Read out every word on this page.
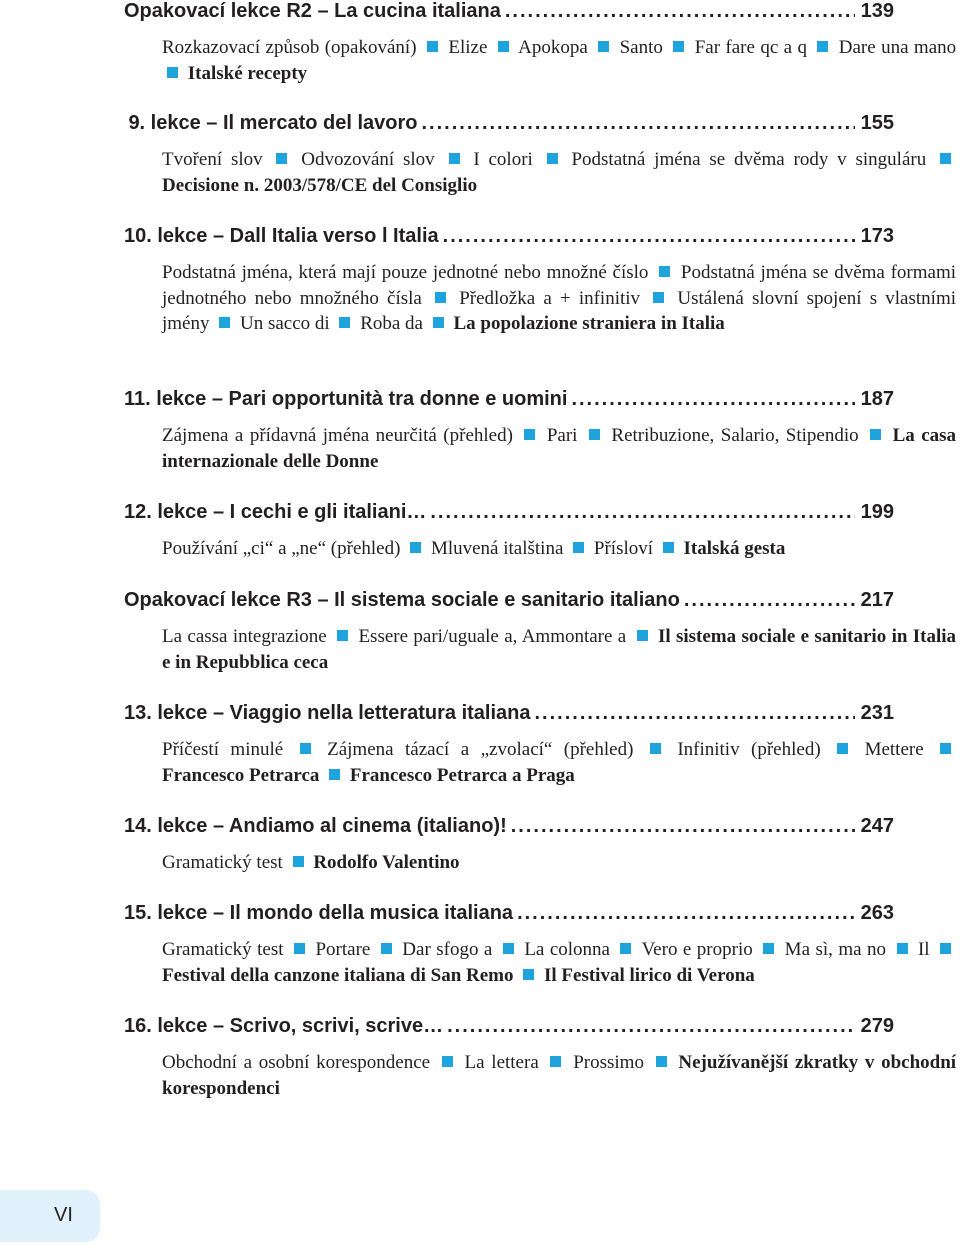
Opakovací lekce R2 – La cucina italiana .....	139
Rozkazovací způsob (opakování) Elize Apokopa Santo Far fare qc a q Dare una mano  Italské recepty
9. lekce – Il mercato del lavoro .....	155
Tvoření slov Odvozování slov I colori Podstatná jména se dvěma rody v singuláru  Decisione n. 2003/578/CE del Consiglio
10. lekce – Dall Italia verso l Italia .....	173
Podstatná jména, která mají pouze jednotné nebo množné číslo Podstatná jména se dvěma formami jednotného nebo množného čísla Předložka a + infinitiv Ustálená slovní spojení s vlastními jmény Un sacco di Roba da La popolazione straniera in Italia
11. lekce – Pari opportunità tra donne e uomini .....	187
Zájmena a přídavná jména neurčitá (přehled) Pari Retribuzione, Salario, Stipendio La casa internazionale delle Donne
12. lekce – I cechi e gli italiani… .....	199
Používání „ci“ a „ne“ (přehled) Mluvená italština Přísloví Italská gesta
Opakovací lekce R3 – Il sistema sociale e sanitario italiano .....	217
La cassa integrazione Essere pari/uguale a, Ammontare a Il sistema sociale e sanitario in Italia e in Repubblica ceca
13. lekce – Viaggio nella letteratura italiana .....	231
Příčestí minulé Zájmena tázací a „zvolací“ (přehled) Infinitiv (přehled) Mettere  Francesco Petrarca Francesco Petrarca a Praga
14. lekce – Andiamo al cinema (italiano)! .....	247
Gramatický test Rodolfo Valentino
15. lekce – Il mondo della musica italiana .....	263
Gramatický test Portare Dar sfogo a La colonna Vero e proprio Ma sì, ma no Il  Festival della canzone italiana di San Remo Il Festival lirico di Verona
16. lekce – Scrivo, scrivi, scrive… .....	279
Obchodní a osobní korespondence La lettera Prossimo Nejužívanější zkratky v obchodní korespondenci
VI
